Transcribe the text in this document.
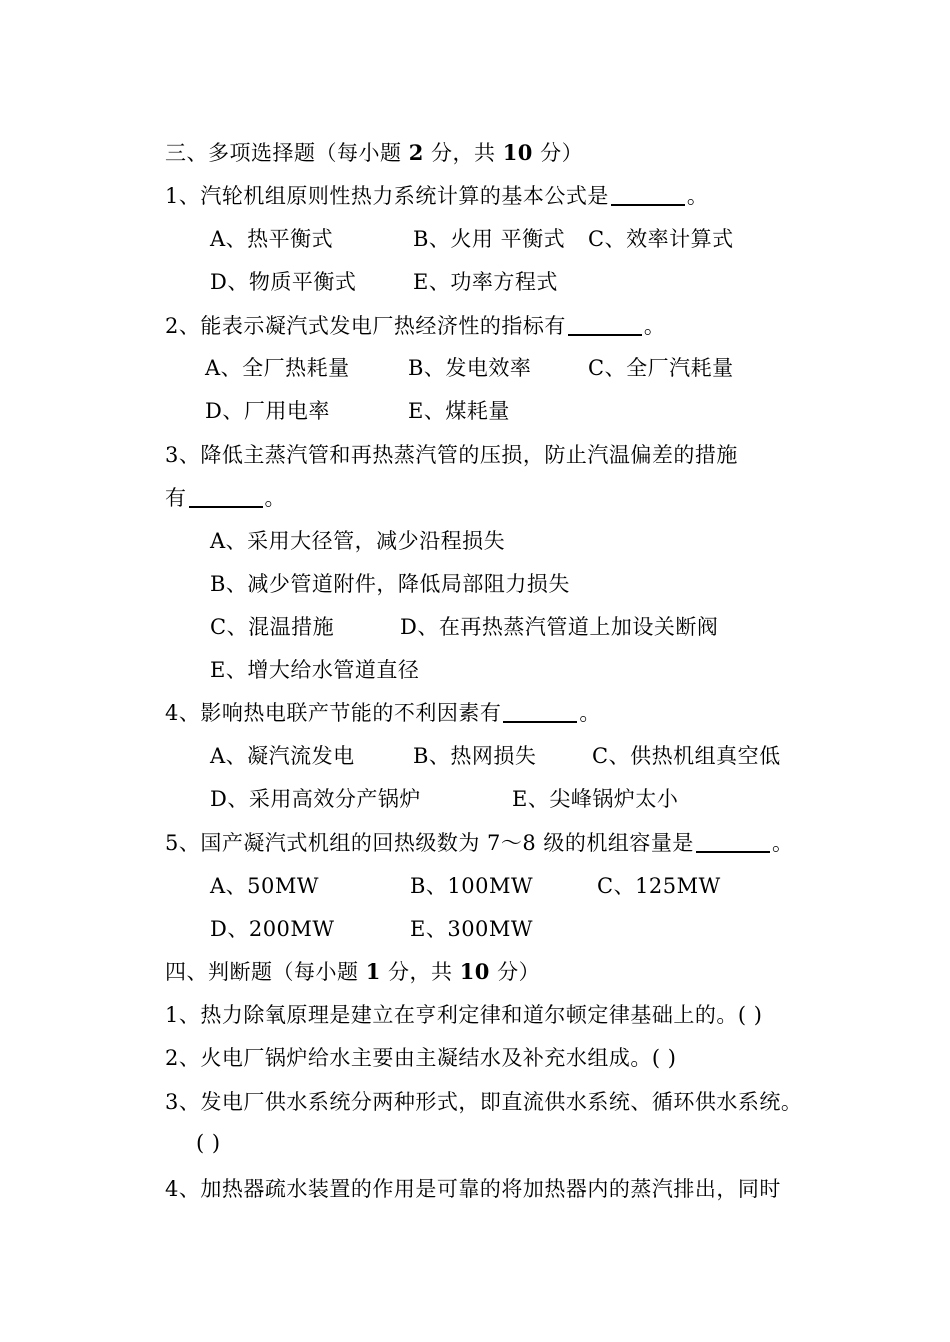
三、多项选择题（每小题 2 分，共 10 分）
1、汽轮机组原则性热力系统计算的基本公式是	。
A、热平衡式	B、火用 平衡式 C、效率计算式
D、物质平衡式	E、功率方程式
2、能表示凝汽式发电厂热经济性的指标有	。
A、全厂热耗量	B、发电效率	C、全厂汽耗量
D、厂用电率	E、煤耗量
3、降低主蒸汽管和再热蒸汽管的压损，防止汽温偏差的措施
有	。
A、采用大径管，减少沿程损失
B、减少管道附件，降低局部阻力损失
C、混温措施	D、在再热蒸汽管道上加设关断阀
E、增大给水管道直径
4、影响热电联产节能的不利因素有	。
A、凝汽流发电	B、热网损失	C、供热机组真空低
D、采用高效分产锅炉	E、尖峰锅炉太小
5、国产凝汽式机组的回热级数为 7～8 级的机组容量是	。
A、50MW	B、100MW	C、125MW
D、200MW	E、300MW
四、判断题（每小题 1 分，共 10 分）
1、热力除氧原理是建立在亨利定律和道尔顿定律基础上的。( )
2、火电厂锅炉给水主要由主凝结水及补充水组成。( )
3、发电厂供水系统分两种形式，即直流供水系统、循环供水系统。
( )
4、加热器疏水装置的作用是可靠的将加热器内的蒸汽排出，同时
